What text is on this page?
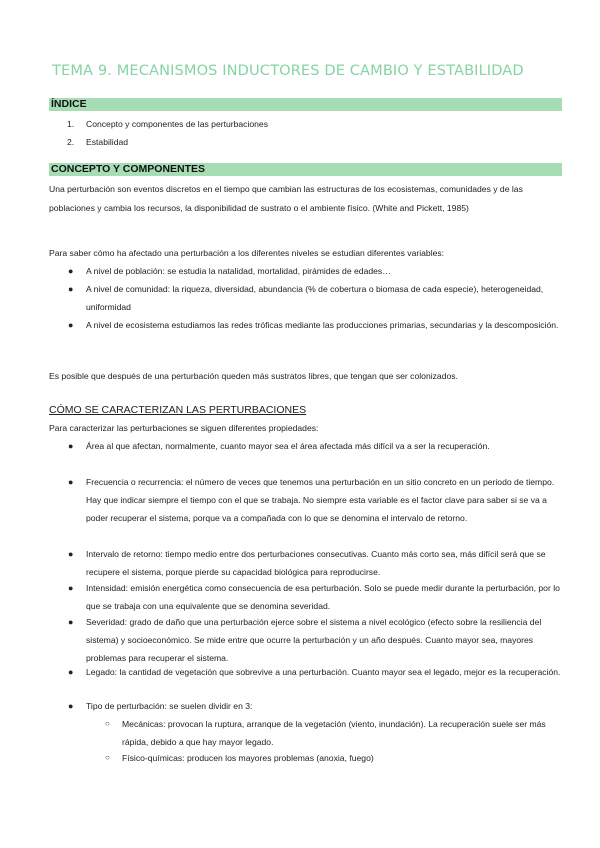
TEMA 9. MECANISMOS INDUCTORES DE CAMBIO Y ESTABILIDAD
ÍNDICE
1. Concepto y componentes de las perturbaciones
2. Estabilidad
CONCEPTO Y COMPONENTES
Una perturbación son eventos discretos en el tiempo que cambian las estructuras de los ecosistemas, comunidades y de las poblaciones y cambia los recursos, la disponibilidad de sustrato o el ambiente físico. (White and Pickett, 1985)
Para saber cómo ha afectado una perturbación a los diferentes niveles se estudian diferentes variables:
● A nivel de población: se estudia la natalidad, mortalidad, pirámides de edades…
● A nivel de comunidad: la riqueza, diversidad, abundancia (% de cobertura o biomasa de cada especie), heterogeneidad, uniformidad
● A nivel de ecosistema estudiamos las redes tróficas mediante las producciones primarias, secundarias y la descomposición.
Es posible que después de una perturbación queden más sustratos libres, que tengan que ser colonizados.
CÓMO SE CARACTERIZAN LAS PERTURBACIONES
Para caracterizar las perturbaciones se siguen diferentes propiedades:
● Área al que afectan, normalmente, cuanto mayor sea el área afectada más difícil va a ser la recuperación.
● Frecuencia o recurrencia: el número de veces que tenemos una perturbación en un sitio concreto en un periodo de tiempo. Hay que indicar siempre el tiempo con el que se trabaja. No siempre esta variable es el factor clave para saber si se va a poder recuperar el sistema, porque va a compañada con lo que se denomina el intervalo de retorno.
● Intervalo de retorno: tiempo medio entre dos perturbaciones consecutivas. Cuanto más corto sea, más difícil será que se recupere el sistema, porque pierde su capacidad biológica para reproducirse.
● Intensidad: emisión energética como consecuencia de esa perturbación. Solo se puede medir durante la perturbación, por lo que se trabaja con una equivalente que se denomina severidad.
● Severidad: grado de daño que una perturbación ejerce sobre el sistema a nivel ecológico (efecto sobre la resiliencia del sistema) y socioeconómico. Se mide entre que ocurre la perturbación y un año después. Cuanto mayor sea, mayores problemas para recuperar el sistema.
● Legado: la cantidad de vegetación que sobrevive a una perturbación. Cuanto mayor sea el legado, mejor es la recuperación.
● Tipo de perturbación: se suelen dividir en 3:
○ Mecánicas: provocan la ruptura, arranque de la vegetación (viento, inundación). La recuperación suele ser más rápida, debido a que hay mayor legado.
○ Físico-químicas: producen los mayores problemas (anoxia, fuego)
